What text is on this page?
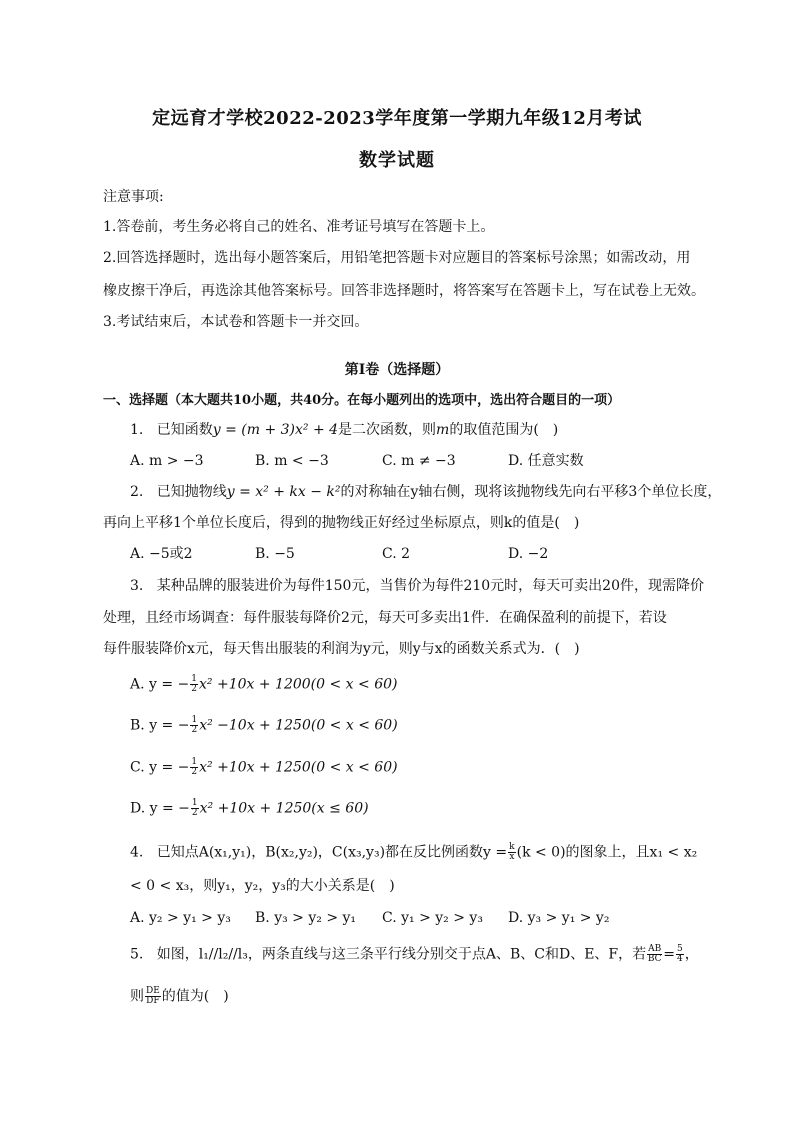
定远育才学校2022-2023学年度第一学期九年级12月考试
数学试题
注意事项:
1.答卷前，考生务必将自己的姓名、准考证号填写在答题卡上。
2.回答选择题时，选出每小题答案后，用铅笔把答题卡对应题目的答案标号涂黑；如需改动，用
橡皮擦干净后，再选涂其他答案标号。回答非选择题时，将答案写在答题卡上，写在试卷上无效。
3.考试结束后，本试卷和答题卡一并交回。
第Ⅰ卷（选择题）
一、选择题（本大题共10小题，共40分。在每小题列出的选项中，选出符合题目的一项）
1. 已知函数y = (m + 3)x² + 4是二次函数，则m的取值范围为(　)
A. m > −3	B. m < −3	C. m ≠ −3	D. 任意实数
2. 已知抛物线y = x² + kx − k²的对称轴在y轴右侧，现将该抛物线先向右平移3个单位长度，
再向上平移1个单位长度后，得到的抛物线正好经过坐标原点，则k的值是(　)
A. −5或2	B. −5	C. 2	D. −2
3. 某种品牌的服装进价为每件150元，当售价为每件210元时，每天可卖出20件，现需降价
处理，且经市场调查：每件服装每降价2元，每天可多卖出1件．在确保盈利的前提下，若设
每件服装降价x元，每天售出服装的利润为y元，则y与x的函数关系式为．(　)
A. y = − $\frac{1}{2} x^2 +10x + 1200(0 < x < 60)$
B. y = − $\frac{1}{2} x^2 -10x + 1250(0 < x < 60)$
C. y = − $\frac{1}{2} x^2 +10x + 1250(0 < x < 60)$
D. y = − $\frac{1}{2} x^2 +10x + 1250(x \le 60)$
4. 已知点A(x₁,y₁)，B(x₂,y₂)，C(x₃,y₃)都在反比例函数$y = \frac{k}{x} (k < 0)$的图象上，且x₁ < x₂
< 0 < x₃，则y₁，y₂，y₃的大小关系是(　)
A. y₂ > y₁ > y₃ B. y₃ > y₂ > y₁ C. y₁ > y₂ > y₃ D. y₃ > y₁ > y₂
5. 如图，l₁//l₂//l₃，两条直线与这三条平行线分别交于点A、B、C和D、E、F，若 $\frac{AB}{BC} = \frac{5}{4}$ ，
则 $\frac{DE}{DF}$ 的值为(　)
